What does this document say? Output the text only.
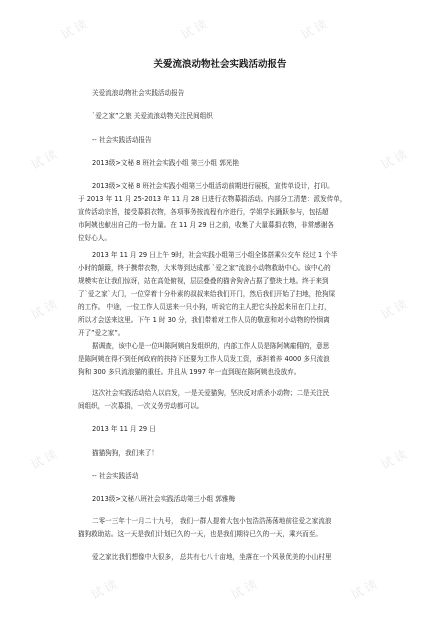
试读	试读	试读
试读	试读
试读	试读
试读	试读
试读	试读	试读
关爱流浪动物社会实践活动报告
关爱流浪动物社会实践活动报告
`爱之家”之旅 关爱流浪动物关注民间组织
-- 社会实践活动报告
2013级>文秘 8 班社会实践小组 第三小组 郭光艳
2013级>文秘 8 班社会实践小组第三小组活动前期进行展板，宣传单设计，打印。
于 2013 年 11 月 25-2013 年 11 月 28 日进行衣物募捐活动。内部分工清楚：派发传单，
宣传活动宗旨，接受募捐衣物，各项事务按流程有序进行，学姐学长踊跃参与，包括超
市阿姨也献出自己的一份力量。在 11 月 29 日之前，收集了大量募捐衣物，非常感谢各
位好心人。
2013 年 11 月 29 日上午 9时，社会实践小组第三小组全体搭乘公交车 经过 1 个半
小时的颠簸，终于携带衣物，大米等到达成都 `爱之家”流浪小动物救助中心。该中心的
规模实在让我们惊讶，站在高处俯视，层层叠叠的猫舍狗舍占据了整块土地。终于来到
了`爱之家`大门，一位穿着十分朴素的叔叔来给我们开门，然后我们开始了扫地，抢狗屎
的工作。 中途，一位工作人员送来一只小狗，听说它的主人把它头拴起来吊在门上打，
所以才会送来这里。下午 1 时 30 分，我们带着对工作人员的敬意和对小动物的怜悯离
开了”爱之家”。
据调查，该中心是一位叫陈阿姨自发组织的，内部工作人员是陈阿姨雇佣的，意思
是陈阿姨在得不到任何政府的扶持下还要为工作人员发工资，承担着养 4000 多只流浪
狗和 300 多只流浪猫的重任。并且从 1997 年一直到现在陈阿姨也没放弃。
这次社会实践活动给人以启发，一是关爱猫狗，坚决反对虐杀小动物；二是关注民
间组织，一次募捐，一次义务劳动都可以。
2013 年 11 月 29 日
猫猫狗狗，我们来了！
-- 社会实践活动
2013级>文秘八班社会实践活动第三小组 郭雅梅
二零一三年十一月二十九号， 我们一群人提着大包小包浩浩荡荡地前往爱之家流浪
猫狗救助站。这一天是我们计划已久的一天，也是我们期待已久的一天，乘兴而至。
爱之家比我们想像中大很多， 总共有七八十亩地，坐落在一个风景优美的小山村里
